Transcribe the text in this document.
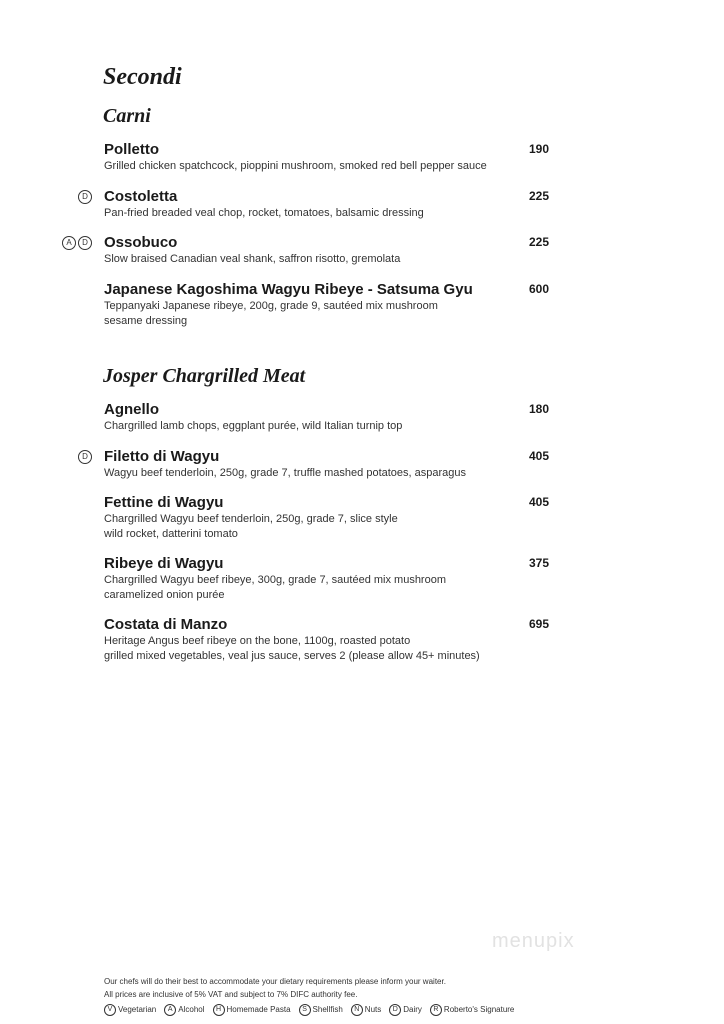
Secondi
Carni
Polletto	190
Grilled chicken spatchcock, pioppini mushroom, smoked red bell pepper sauce
D Costoletta	225
Pan-fried breaded veal chop, rocket, tomatoes, balsamic dressing
A	D Ossobuco	225
Slow braised Canadian veal shank, saffron risotto, gremolata
Japanese Kagoshima Wagyu Ribeye - Satsuma Gyu	600
Teppanyaki Japanese ribeye, 200g, grade 9, sautéed mix mushroom
sesame dressing
Josper Chargrilled Meat
Agnello	180
Chargrilled lamb chops, eggplant purée, wild Italian turnip top
D Filetto di Wagyu	405
Wagyu beef tenderloin, 250g, grade 7, truffle mashed potatoes, asparagus
Fettine di Wagyu	405
Chargrilled Wagyu beef tenderloin, 250g, grade 7, slice style
wild rocket, datterini tomato
Ribeye di Wagyu	375
Chargrilled Wagyu beef ribeye, 300g, grade 7, sautéed mix mushroom
caramelized onion purée
Costata di Manzo	695
Heritage Angus beef ribeye on the bone, 1100g, roasted potato
grilled mixed vegetables, veal jus sauce, serves 2 (please allow 45+ minutes)
menupix
Our chefs will do their best to accommodate your dietary requirements please inform your waiter.
All prices are inclusive of 5% VAT and subject to 7% DIFC authority fee.
V Vegetarian	A Alcohol	H Homemade Pasta	S Shellfish	N Nuts	D Dairy	R Roberto's Signature
